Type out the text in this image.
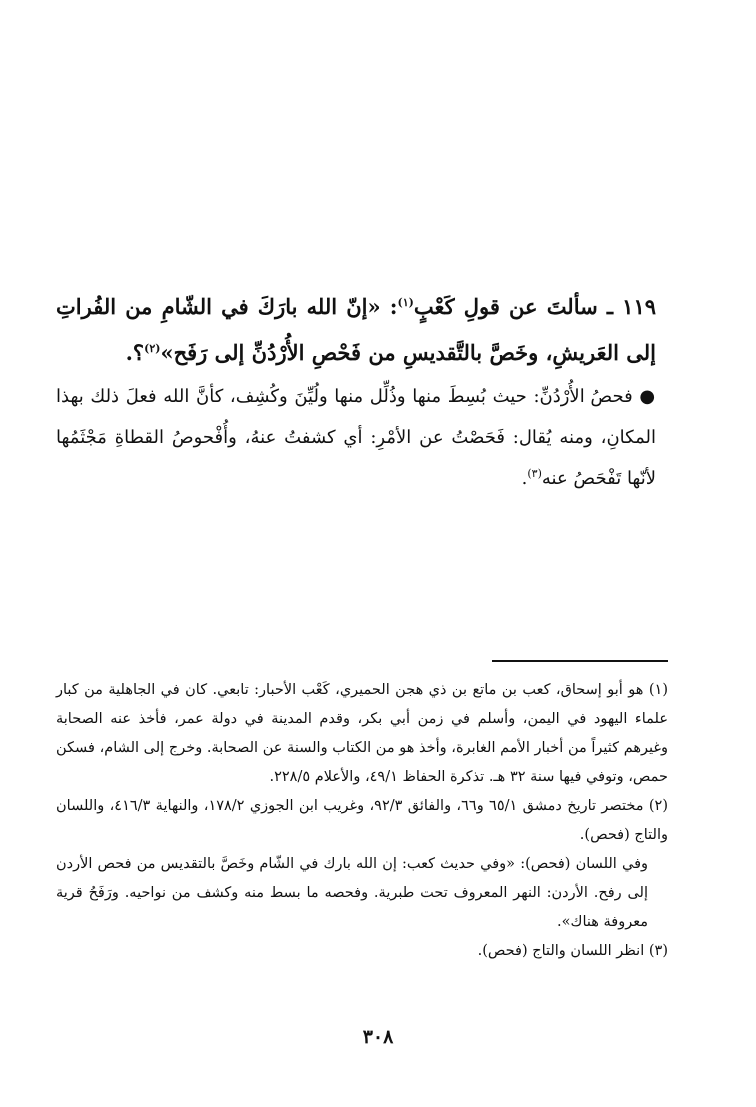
١١٩ ـ سألتَ عن قولِ كَعْبٍ$^{(١)}$: «إنّ الله بارَكَ في الشّامِ من الفُراتِ إلى العَريشِ، وخَصَّ بالتَّقديسِ من فَحْصِ الأُرْدُنِّ إلى رَفَح»$^{(٢)}$؟.

● فحصُ الأُرْدُنِّ: حيث بُسِطَ منها وذُلِّل منها ولُيِّنَ وكُشِف، كأنَّ الله فعلَ ذلك بهذا المكانِ، ومنه يُقال: فَحَصْتُ عن الأمْرِ: أي كشفتُ عنهُ، وأُفْحوصُ القطاةِ مَجْثَمُها لأنّها تَفْحَصُ عنه$^{(٣)}$.

(١) هو أبو إسحاق، كعب بن ماتع بن ذي هجن الحميري، كَعْب الأحبار: تابعي. كان في الجاهلية من كبار علماء اليهود في اليمن، وأسلم في زمن أبي بكر، وقدم المدينة في دولة عمر، فأخذ عنه الصحابة وغيرهم كثيراً من أخبار الأمم الغابرة، وأخذ هو من الكتاب والسنة عن الصحابة. وخرج إلى الشام، فسكن حمص، وتوفي فيها سنة ٣٢ هـ. تذكرة الحفاظ ٤٩/١، والأعلام ٢٢٨/٥.

(٢) مختصر تاريخ دمشق ٦٥/١ و٦٦، والفائق ٩٢/٣، وغريب ابن الجوزي ١٧٨/٢، والنهاية ٤١٦/٣، واللسان والتاج (فحص).

وفي اللسان (فحص): «وفي حديث كعب: إن الله بارك في الشّام وخَصَّ بالتقديس من فحص الأردن إلى رفح. الأردن: النهر المعروف تحت طبرية. وفحصه ما بسط منه وكشف من نواحيه. ورَفَحُ قرية معروفة هناك».

(٣) انظر اللسان والتاج (فحص).

٣٠٨
